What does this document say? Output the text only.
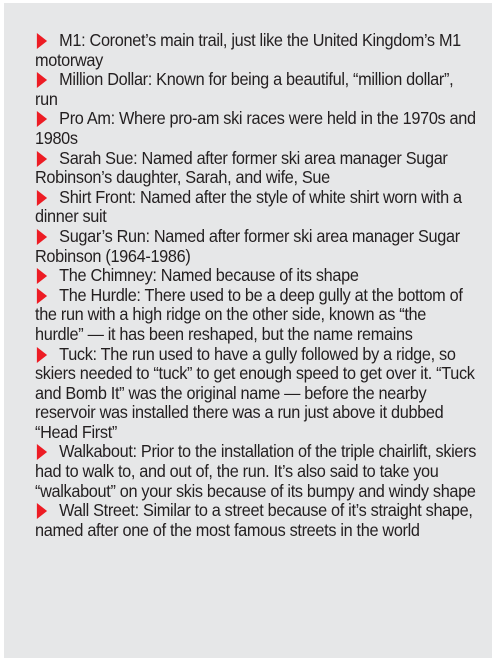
M1: Coronet’s main trail, just like the United Kingdom’s M1 motorway
Million Dollar: Known for being a beautiful, “million dollar”, run
Pro Am: Where pro-am ski races were held in the 1970s and 1980s
Sarah Sue: Named after former ski area manager Sugar Robinson’s daughter, Sarah, and wife, Sue
Shirt Front: Named after the style of white shirt worn with a dinner suit
Sugar’s Run: Named after former ski area manager Sugar Robinson (1964-1986)
The Chimney: Named because of its shape
The Hurdle: There used to be a deep gully at the bottom of the run with a high ridge on the other side, known as “the hurdle” — it has been reshaped, but the name remains
Tuck: The run used to have a gully followed by a ridge, so skiers needed to “tuck” to get enough speed to get over it. “Tuck and Bomb It” was the original name — before the nearby reservoir was installed there was a run just above it dubbed “Head First”
Walkabout: Prior to the installation of the triple chairlift, skiers had to walk to, and out of, the run. It’s also said to take you “walkabout” on your skis because of its bumpy and windy shape
Wall Street: Similar to a street because of it’s straight shape, named after one of the most famous streets in the world
